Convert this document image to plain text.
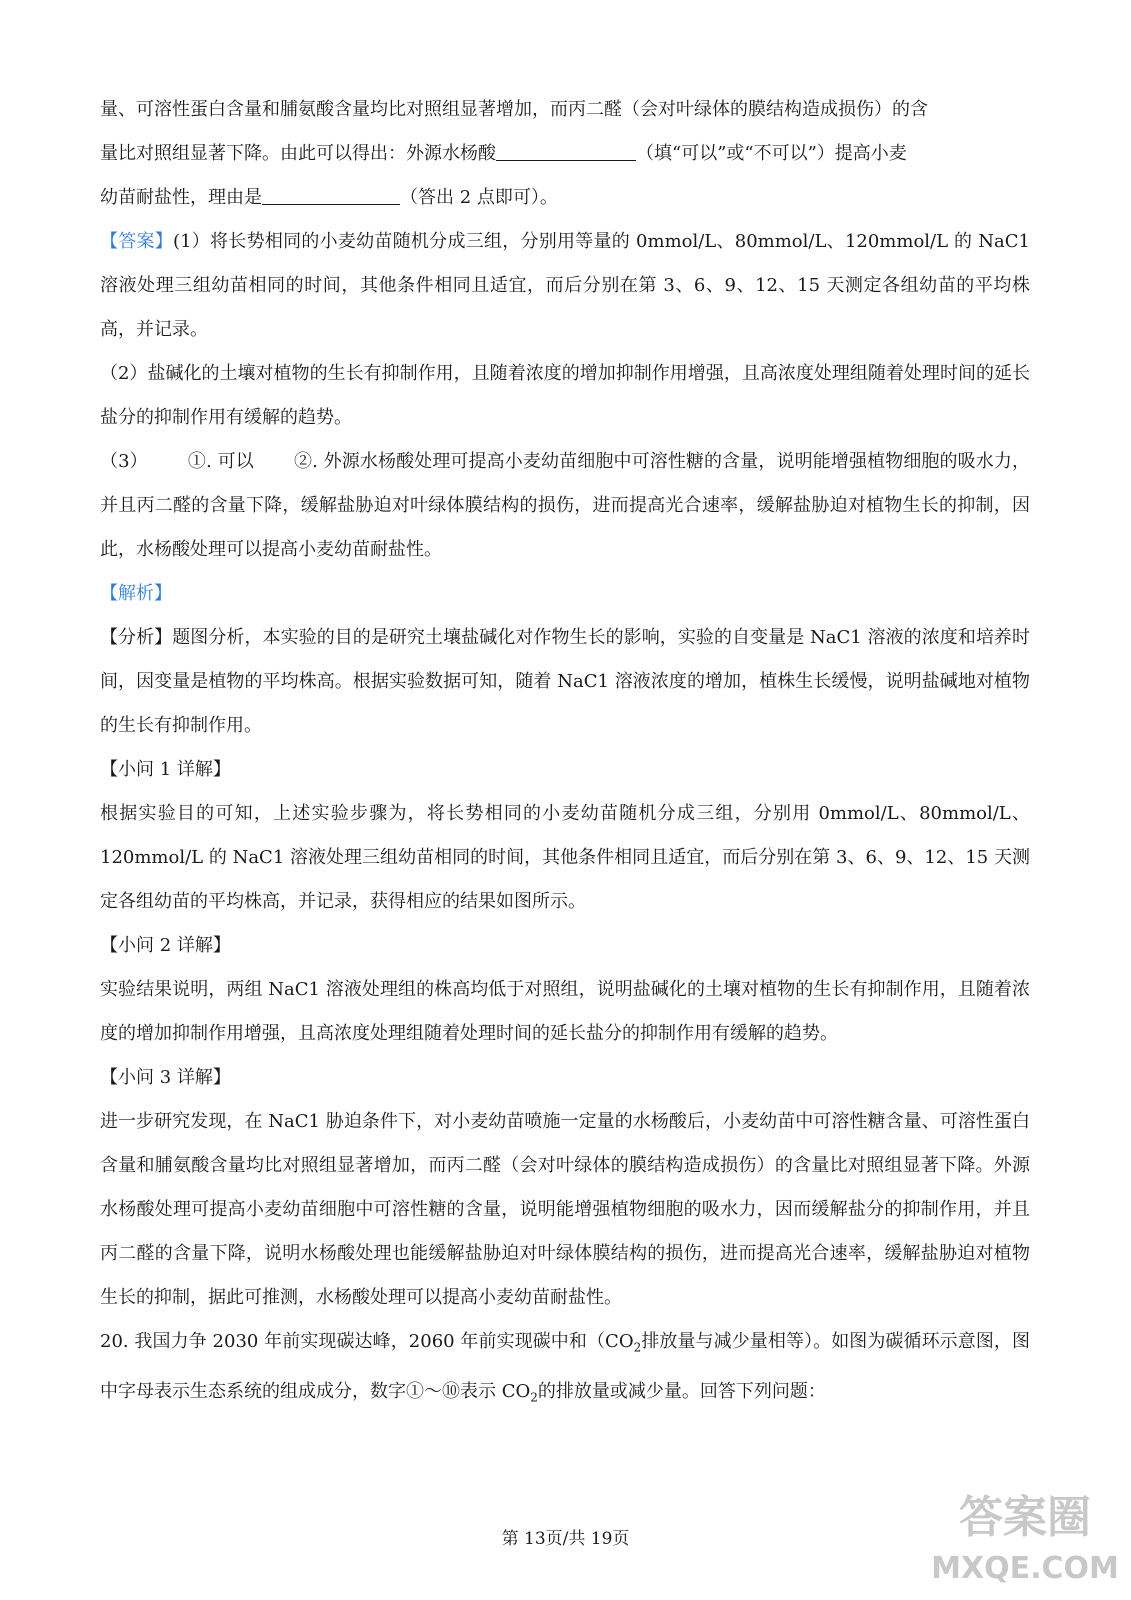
量、可溶性蛋白含量和脯氨酸含量均比对照组显著增加，而丙二醛（会对叶绿体的膜结构造成损伤）的含

量比对照组显著下降。由此可以得出：外源水杨酸	（填“可以”或“不可以”）提高小麦

幼苗耐盐性，理由是	（答出 2 点即可）。

【答案】(1）将长势相同的小麦幼苗随机分成三组，分别用等量的 0mmol/L、80mmol/L、120mmol/L 的 NaC1 溶液处理三组幼苗相同的时间，其他条件相同且适宜，而后分别在第 3、6、9、12、15 天测定各组幼苗的平均株高，并记录。

（2）盐碱化的土壤对植物的生长有抑制作用，且随着浓度的增加抑制作用增强，且高浓度处理组随着处理时间的延长盐分的抑制作用有缓解的趋势。

（3） ①. 可以 ②. 外源水杨酸处理可提高小麦幼苗细胞中可溶性糖的含量，说明能增强植物细胞的吸水力，并且丙二醛的含量下降，缓解盐胁迫对叶绿体膜结构的损伤，进而提高光合速率，缓解盐胁迫对植物生长的抑制，因此，水杨酸处理可以提高小麦幼苗耐盐性。

【解析】

【分析】题图分析，本实验的目的是研究土壤盐碱化对作物生长的影响，实验的自变量是 NaC1 溶液的浓度和培养时间，因变量是植物的平均株高。根据实验数据可知，随着 NaC1 溶液浓度的增加，植株生长缓慢，说明盐碱地对植物的生长有抑制作用。

【小问 1 详解】

根据实验目的可知，上述实验步骤为，将长势相同的小麦幼苗随机分成三组，分别用 0mmol/L、80mmol/L、120mmol/L 的 NaC1 溶液处理三组幼苗相同的时间，其他条件相同且适宜，而后分别在第 3、6、9、12、15 天测定各组幼苗的平均株高，并记录，获得相应的结果如图所示。

【小问 2 详解】

实验结果说明，两组 NaC1 溶液处理组的株高均低于对照组，说明盐碱化的土壤对植物的生长有抑制作用，且随着浓度的增加抑制作用增强，且高浓度处理组随着处理时间的延长盐分的抑制作用有缓解的趋势。

【小问 3 详解】

进一步研究发现，在 NaC1 胁迫条件下，对小麦幼苗喷施一定量的水杨酸后，小麦幼苗中可溶性糖含量、可溶性蛋白含量和脯氨酸含量均比对照组显著增加，而丙二醛（会对叶绿体的膜结构造成损伤）的含量比对照组显著下降。外源水杨酸处理可提高小麦幼苗细胞中可溶性糖的含量，说明能增强植物细胞的吸水力，因而缓解盐分的抑制作用，并且丙二醛的含量下降，说明水杨酸处理也能缓解盐胁迫对叶绿体膜结构的损伤，进而提高光合速率，缓解盐胁迫对植物生长的抑制，据此可推测，水杨酸处理可以提高小麦幼苗耐盐性。

20. 我国力争 2030 年前实现碳达峰，2060 年前实现碳中和（$CO_2$排放量与减少量相等）。如图为碳循环示意图，图中字母表示生态系统的组成成分，数字①～⑩表示 $CO_2$的排放量或减少量。回答下列问题：

第 13页/共 19页	答案圈
MXQE.COM
